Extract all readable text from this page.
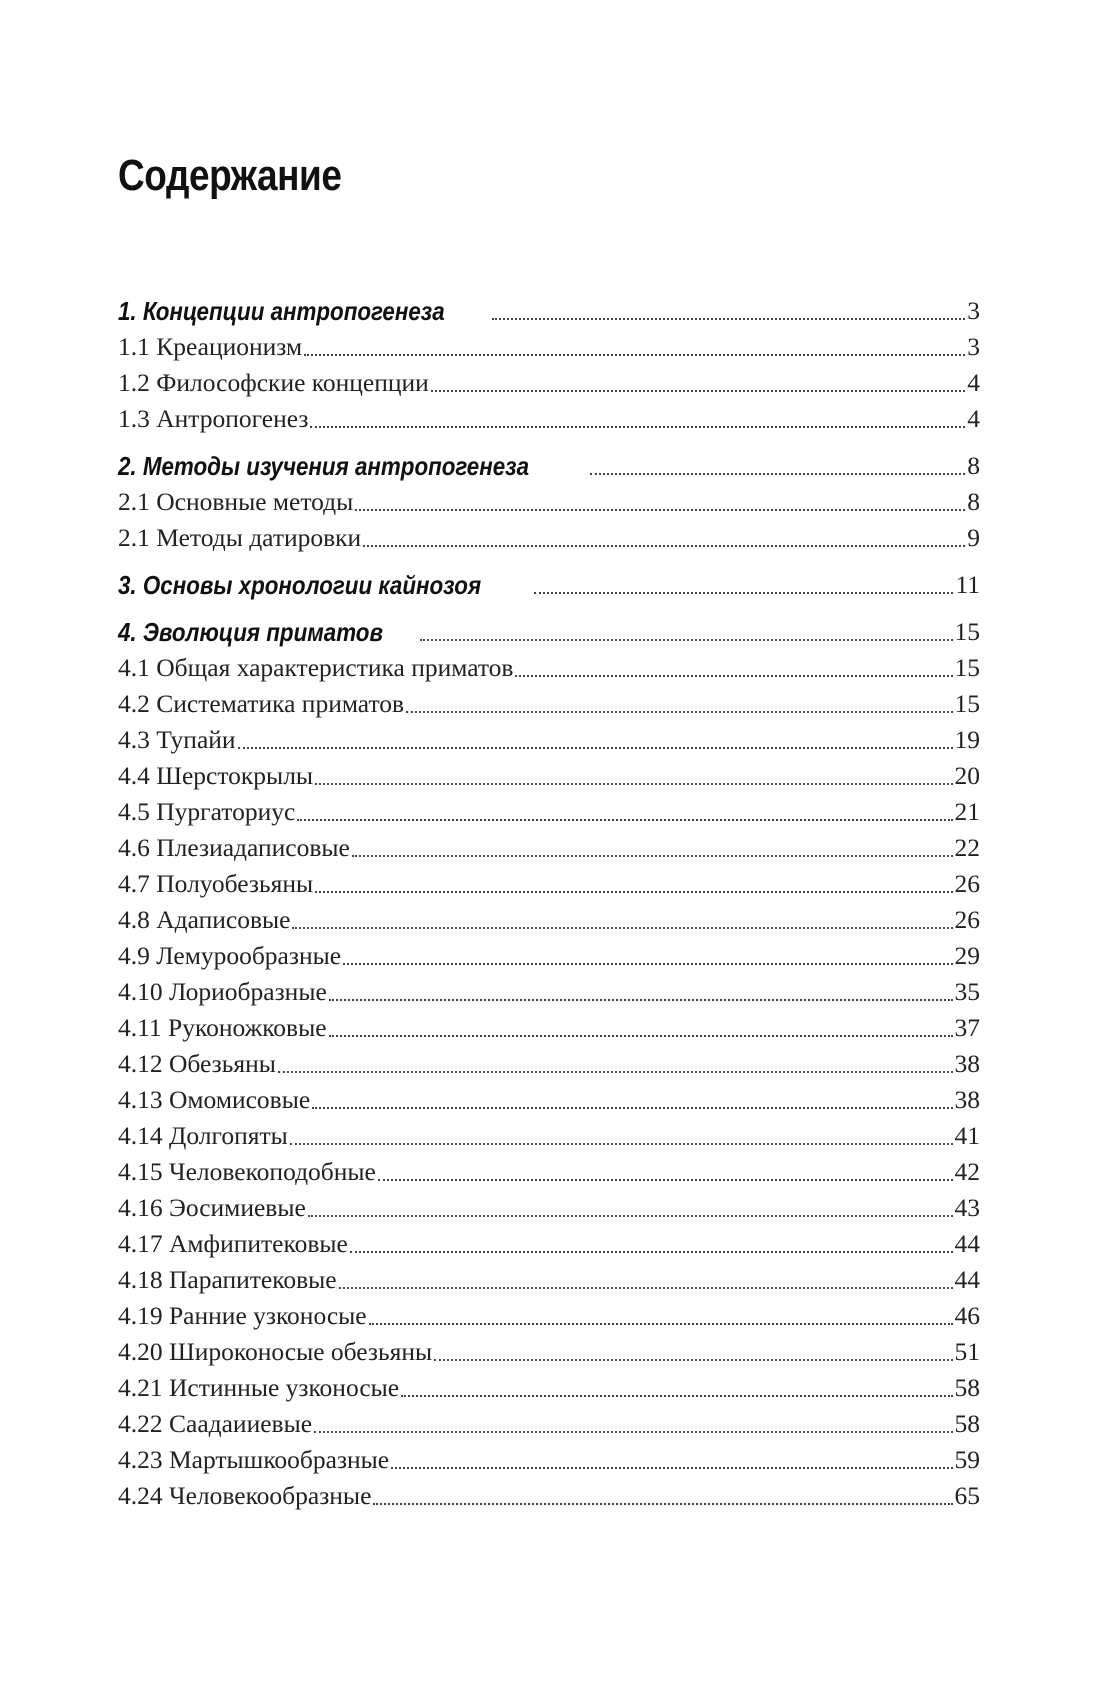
Содержание
1. Концепции антропогенеза	3
1.1 Креационизм	3
1.2 Философские концепции	4
1.3 Антропогенез	4
2. Методы изучения антропогенеза	8
2.1 Основные методы	8
2.1 Методы датировки	9
3. Основы хронологии кайнозоя	11
4. Эволюция приматов	15
4.1 Общая характеристика приматов	15
4.2 Систематика приматов	15
4.3 Тупайи	19
4.4 Шерстокрылы	20
4.5 Пургаториус	21
4.6 Плезиадаписовые	22
4.7 Полуобезьяны	26
4.8 Адаписовые	26
4.9 Лемурообразные	29
4.10 Лориобразные	35
4.11 Руконожковые	37
4.12 Обезьяны	38
4.13 Омомисовые	38
4.14 Долгопяты	41
4.15 Человекоподобные	42
4.16 Эосимиевые	43
4.17 Амфипитековые	44
4.18 Парапитековые	44
4.19 Ранние узконосые	46
4.20 Широконосые обезьяны	51
4.21 Истинные узконосые	58
4.22 Саадаииевые	58
4.23 Мартышкообразные	59
4.24 Человекообразные	65
